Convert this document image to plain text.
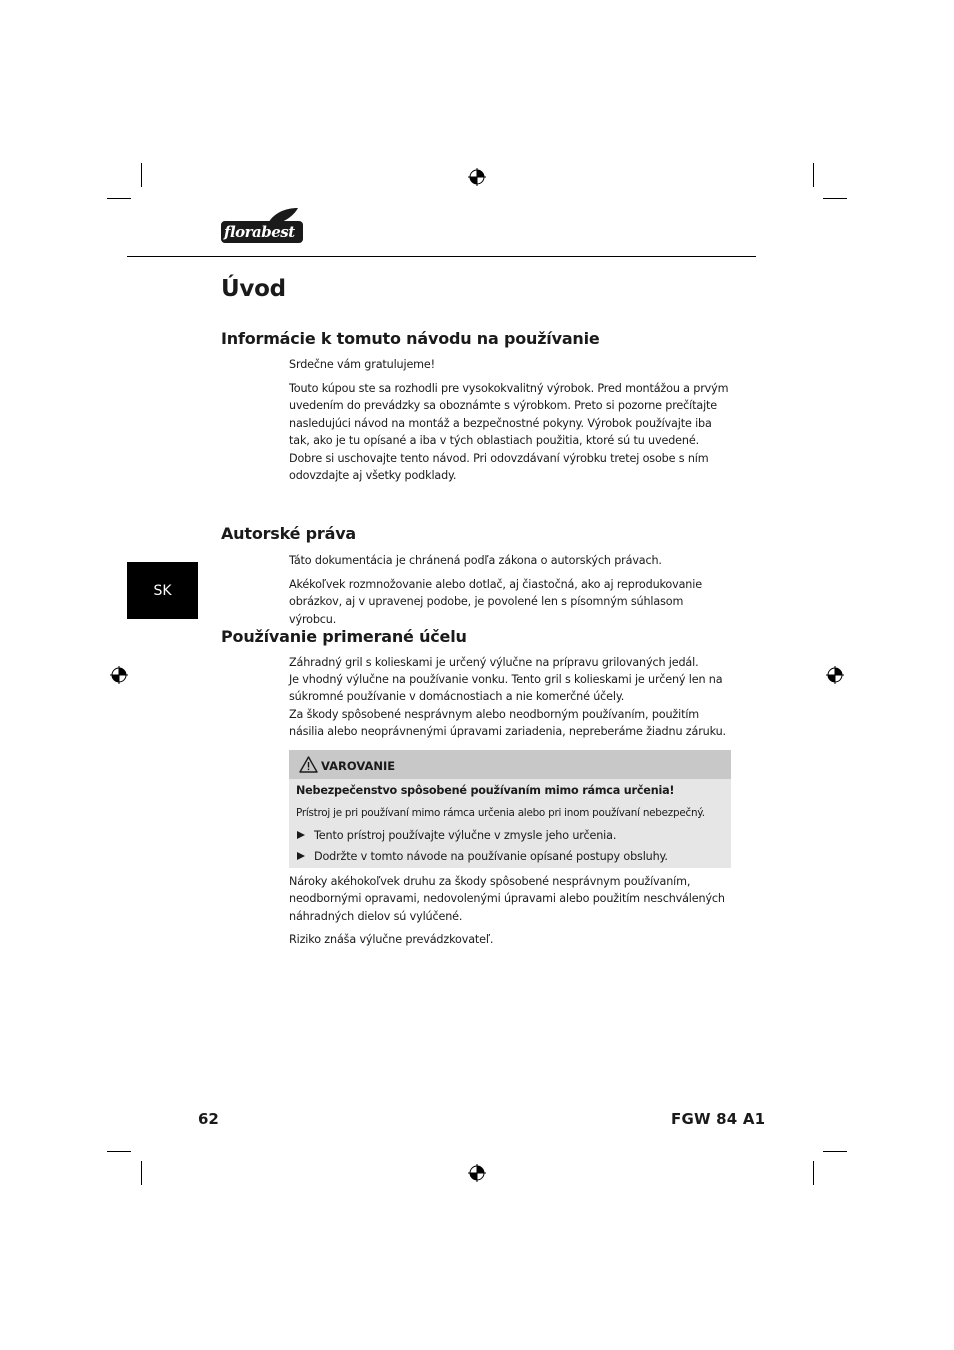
florabest
Úvod
Informácie k tomuto návodu na používanie

Srdečne vám gratulujeme!

Touto kúpou ste sa rozhodli pre vysokokvalitný výrobok. Pred montážou a prvým uvedením do prevádzky sa oboznámte s výrobkom. Preto si pozorne prečítajte nasledujúci návod na montáž a bezpečnostné pokyny. Výrobok používajte iba tak, ako je tu opísané a iba v tých oblastiach použitia, ktoré sú tu uvedené. Dobre si uschovajte tento návod. Pri odovzdávaní výrobku tretej osobe s ním odovzdajte aj všetky podklady.

Autorské práva

Táto dokumentácia je chránená podľa zákona o autorských právach.

Akékoľvek rozmnožovanie alebo dotlač, aj čiastočná, ako aj reprodukovanie obrázkov, aj v upravenej podobe, je povolené len s písomným súhlasom výrobcu.

SK
Používanie primerané účelu

Záhradný gril s kolieskami je určený výlučne na prípravu grilovaných jedál.

Je vhodný výlučne na používanie vonku. Tento gril s kolieskami je určený len na súkromné používanie v domácnostiach a nie komerčné účely.

Za škody spôsobené nesprávnym alebo neodborným používaním, použitím násilia alebo neoprávnenými úpravami zariadenia, nepreberáme žiadnu záruku.

VAROVANIE
Nebezpečenstvo spôsobené používaním mimo rámca určenia!
Prístroj je pri používaní mimo rámca určenia alebo pri inom používaní nebezpečný.
Tento prístroj používajte výlučne v zmysle jeho určenia.
Dodržte v tomto návode na používanie opísané postupy obsluhy.

Nároky akéhokoľvek druhu za škody spôsobené nesprávnym používaním, neodbornými opravami, nedovolenými úpravami alebo použitím neschválených náhradných dielov sú vylúčené.

Riziko znáša výlučne prevádzkovateľ.

62	FGW 84 A1
